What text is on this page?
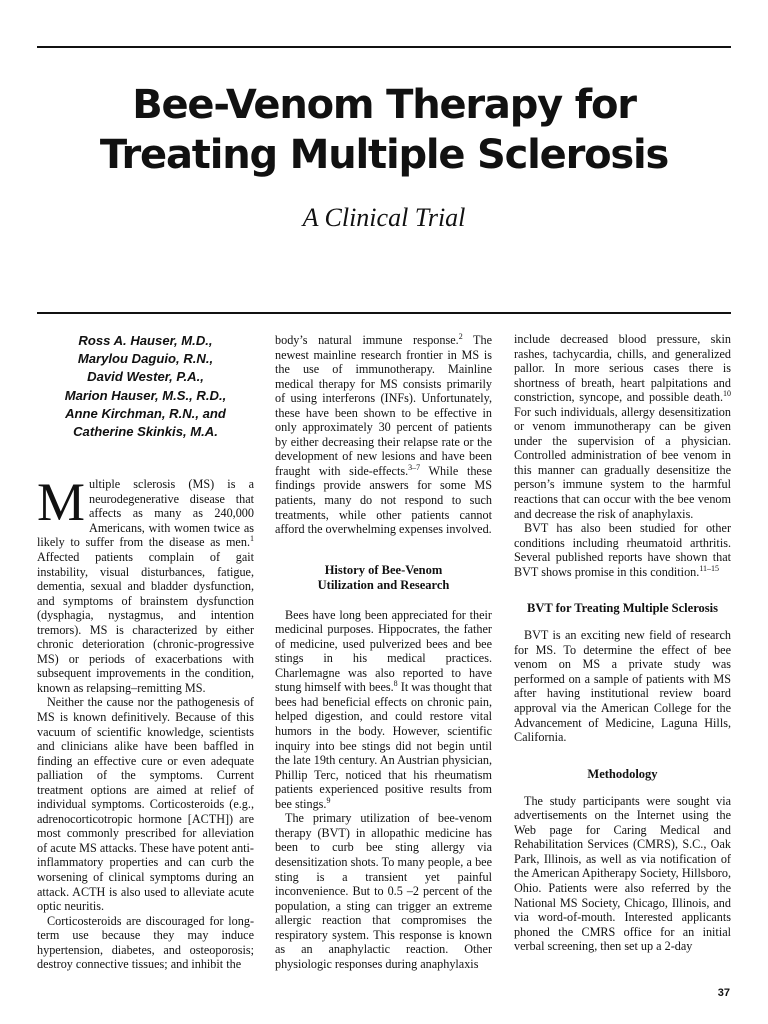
Bee-Venom Therapy for
Treating Multiple Sclerosis
A Clinical Trial
Ross A. Hauser, M.D.,
Marylou Daguio, R.N.,
David Wester, P.A.,
Marion Hauser, M.S., R.D.,
Anne Kirchman, R.N., and
Catherine Skinkis, M.A.

Multiple sclerosis (MS) is a neurodegenerative disease that affects as many as 240,000 Americans, with women twice as likely to suffer from the disease as men.$^1$ Affected patients complain of gait instability, visual disturbances, fatigue, dementia, sexual and bladder dysfunction, and symptoms of brainstem dysfunction (dysphagia, nystagmus, and intention tremors). MS is characterized by either chronic deterioration (chronic-progressive MS) or periods of exacerbations with subsequent improvements in the condition, known as relapsing–remitting MS.

Neither the cause nor the pathogenesis of MS is known definitively. Because of this vacuum of scientific knowledge, scientists and clinicians alike have been baffled in finding an effective cure or even adequate palliation of the symptoms. Current treatment options are aimed at relief of individual symptoms. Corticosteroids (e.g., adrenocorticotropic hormone [ACTH]) are most commonly prescribed for alleviation of acute MS attacks. These have potent anti-inflammatory properties and can curb the worsening of clinical symptoms during an attack. ACTH is also used to alleviate acute optic neuritis.

Corticosteroids are discouraged for long-term use because they may induce hypertension, diabetes, and osteoporosis; destroy connective tissues; and inhibit the

body’s natural immune response.$^2$ The newest mainline research frontier in MS is the use of immunotherapy. Mainline medical therapy for MS consists primarily of using interferons (INFs). Unfortunately, these have been shown to be effective in only approximately 30 percent of patients by either decreasing their relapse rate or the development of new lesions and have been fraught with side-effects.$^{3-7}$ While these findings provide answers for some MS patients, many do not respond to such treatments, while other patients cannot afford the overwhelming expenses involved.

History of Bee-Venom
Utilization and Research

Bees have long been appreciated for their medicinal purposes. Hippocrates, the father of medicine, used pulverized bees and bee stings in his medical practices. Charlemagne was also reported to have stung himself with bees.$^8$ It was thought that bees had beneficial effects on chronic pain, helped digestion, and could restore vital humors in the body. However, scientific inquiry into bee stings did not begin until the late 19th century. An Austrian physician, Phillip Terc, noticed that his rheumatism patients experienced positive results from bee stings.$^9$

The primary utilization of bee-venom therapy (BVT) in allopathic medicine has been to curb bee sting allergy via desensitization shots. To many people, a bee sting is a transient yet painful inconvenience. But to 0.5 –2 percent of the population, a sting can trigger an extreme allergic reaction that compromises the respiratory system. This response is known as an anaphylactic reaction. Other physiologic responses during anaphylaxis

include decreased blood pressure, skin rashes, tachycardia, chills, and generalized pallor. In more serious cases there is shortness of breath, heart palpitations and constriction, syncope, and possible death.$^{10}$ For such individuals, allergy desensitization or venom immunotherapy can be given under the supervision of a physician. Controlled administration of bee venom in this manner can gradually desensitize the person’s immune system to the harmful reactions that can occur with the bee venom and decrease the risk of anaphylaxis.

BVT has also been studied for other conditions including rheumatoid arthritis. Several published reports have shown that BVT shows promise in this condition.$^{11-15}$

BVT for Treating Multiple Sclerosis

BVT is an exciting new field of research for MS. To determine the effect of bee venom on MS a private study was performed on a sample of patients with MS after having institutional review board approval via the American College for the Advancement of Medicine, Laguna Hills, California.

Methodology

The study participants were sought via advertisements on the Internet using the Web page for Caring Medical and Rehabilitation Services (CMRS), S.C., Oak Park, Illinois, as well as via notification of the American Apitherapy Society, Hillsboro, Ohio. Patients were also referred by the National MS Society, Chicago, Illinois, and via word-of-mouth. Interested applicants phoned the CMRS office for an initial verbal screening, then set up a 2-day

37
